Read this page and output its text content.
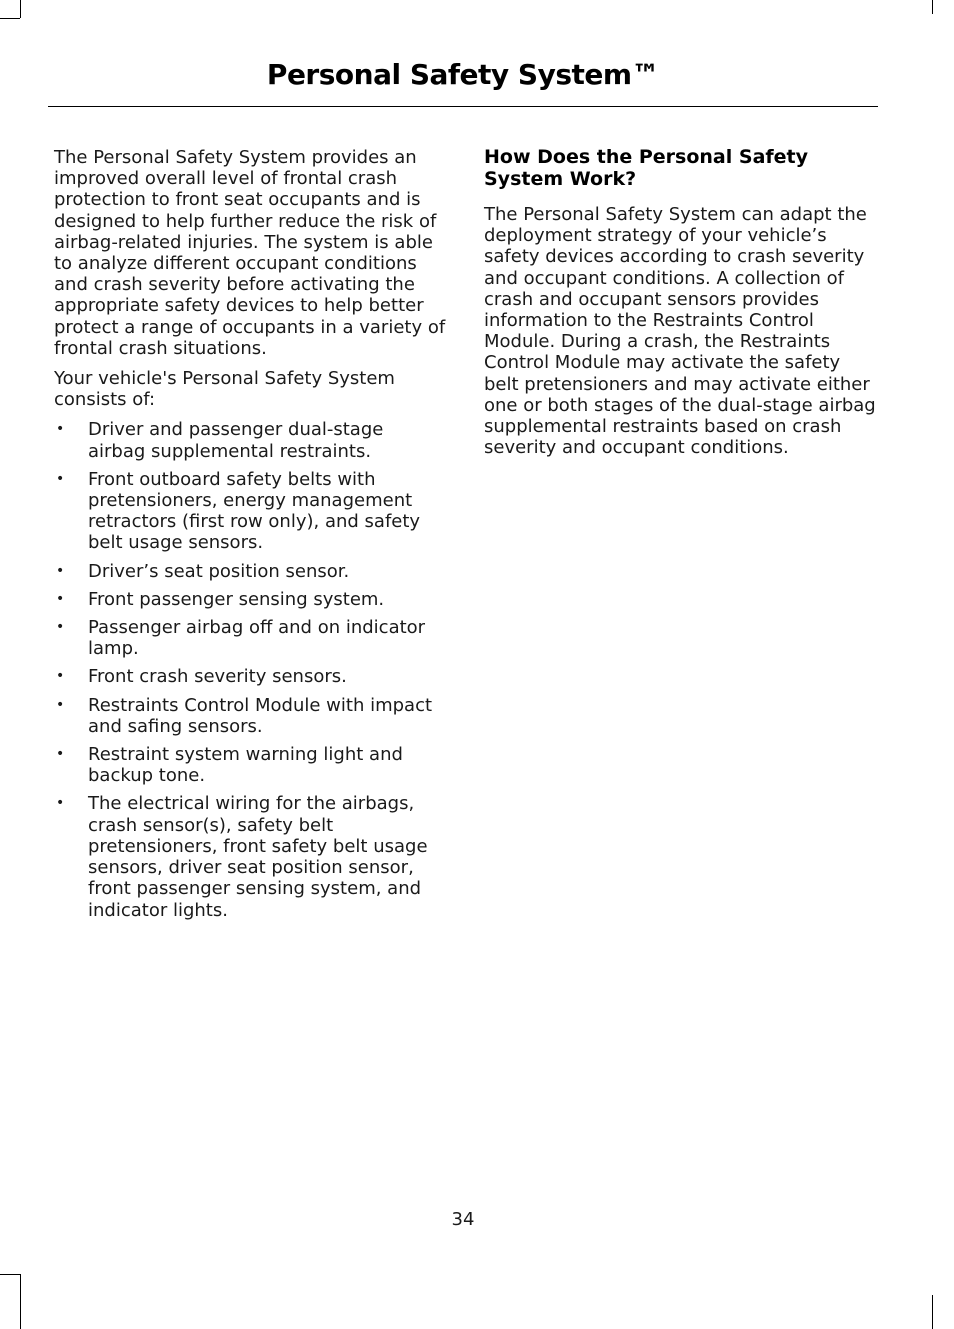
Personal Safety System™

The Personal Safety System provides an improved overall level of frontal crash protection to front seat occupants and is designed to help further reduce the risk of airbag-related injuries. The system is able to analyze different occupant conditions and crash severity before activating the appropriate safety devices to help better protect a range of occupants in a variety of frontal crash situations.

Your vehicle's Personal Safety System consists of:

• Driver and passenger dual-stage airbag supplemental restraints.
• Front outboard safety belts with pretensioners, energy management retractors (first row only), and safety belt usage sensors.
• Driver’s seat position sensor.
• Front passenger sensing system.
• Passenger airbag off and on indicator lamp.
• Front crash severity sensors.
• Restraints Control Module with impact and safing sensors.
• Restraint system warning light and backup tone.
• The electrical wiring for the airbags, crash sensor(s), safety belt pretensioners, front safety belt usage sensors, driver seat position sensor, front passenger sensing system, and indicator lights.
How Does the Personal Safety System Work?

The Personal Safety System can adapt the deployment strategy of your vehicle’s safety devices according to crash severity and occupant conditions. A collection of crash and occupant sensors provides information to the Restraints Control Module. During a crash, the Restraints Control Module may activate the safety belt pretensioners and may activate either one or both stages of the dual-stage airbag supplemental restraints based on crash severity and occupant conditions.

34
